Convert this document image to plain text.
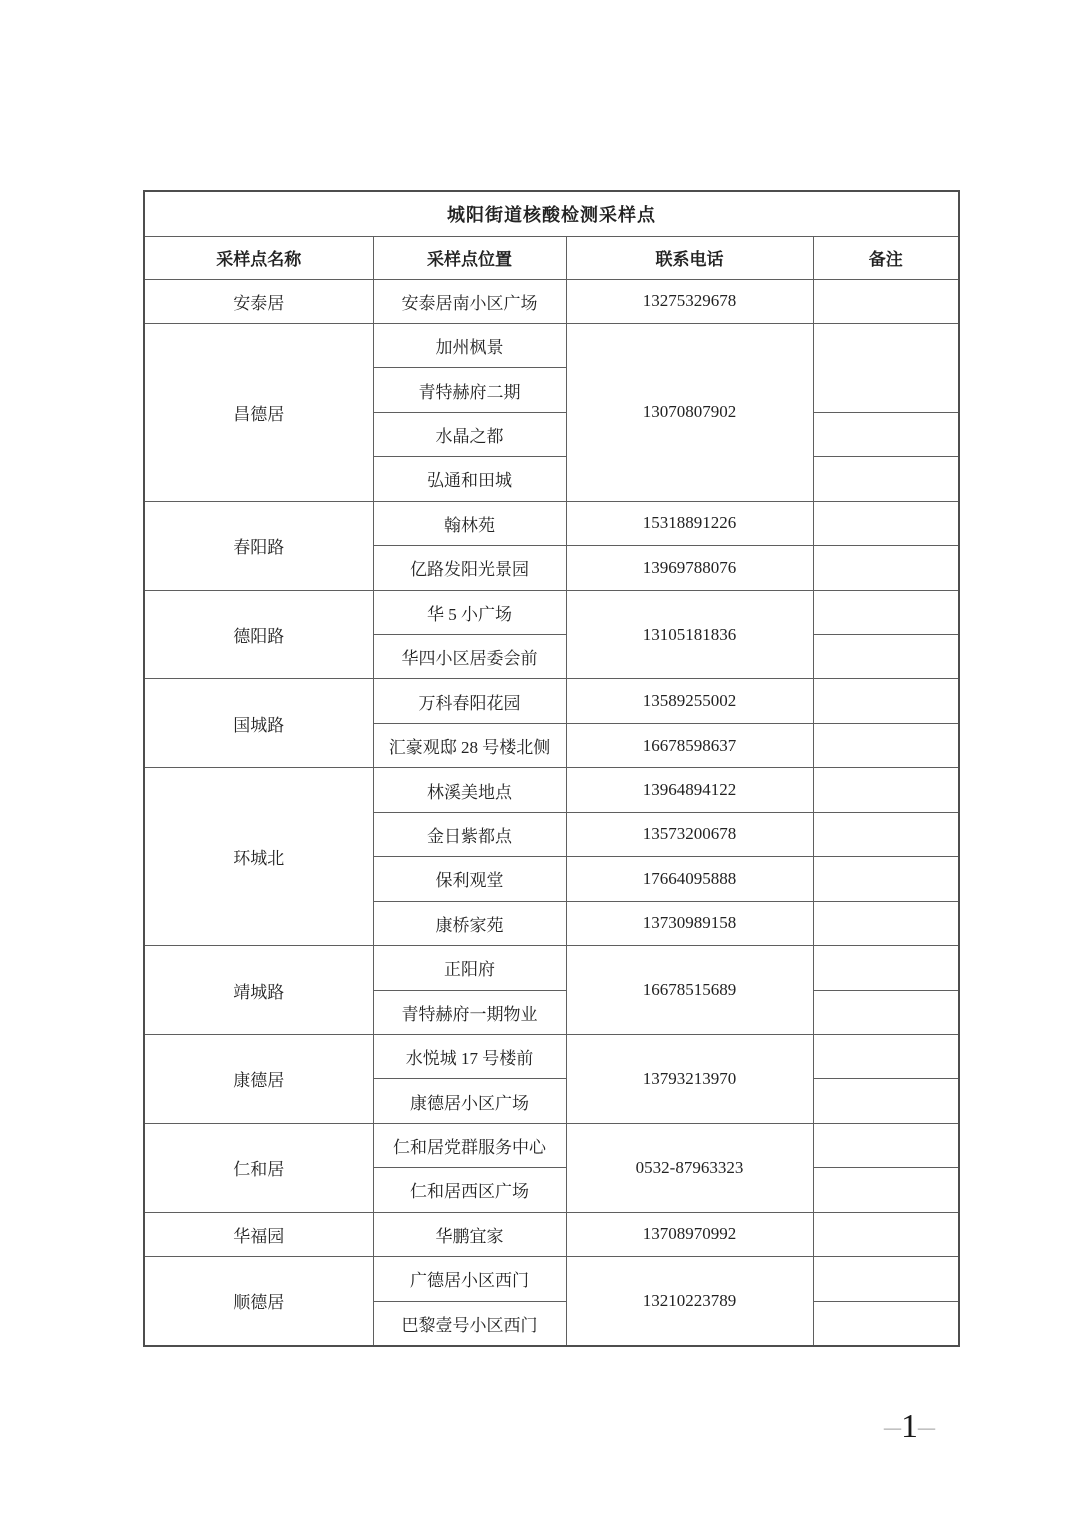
城阳街道核酸检测采样点			
采样点名称	采样点位置	联系电话	备注
安泰居	安泰居南小区广场	13275329678	
昌德居	加州枫景	13070807902	
	青特赫府二期		
	水晶之都		
	弘通和田城		
春阳路	翰林苑	15318891226	
	亿路发阳光景园	13969788076	
德阳路	华 5 小广场	13105181836	
	华四小区居委会前		
国城路	万科春阳花园	13589255002	
	汇豪观邸 28 号楼北侧	16678598637	
环城北	林溪美地点	13964894122	
	金日紫都点	13573200678	
	保利观堂	17664095888	
	康桥家苑	13730989158	
靖城路	正阳府	16678515689	
	青特赫府一期物业		
康德居	水悦城 17 号楼前	13793213970	
	康德居小区广场		
仁和居	仁和居党群服务中心	0532-87963323	
	仁和居西区广场		
华福园	华鹏宜家	13708970992	
顺德居	广德居小区西门	13210223789	
	巴黎壹号小区西门		
–1–
